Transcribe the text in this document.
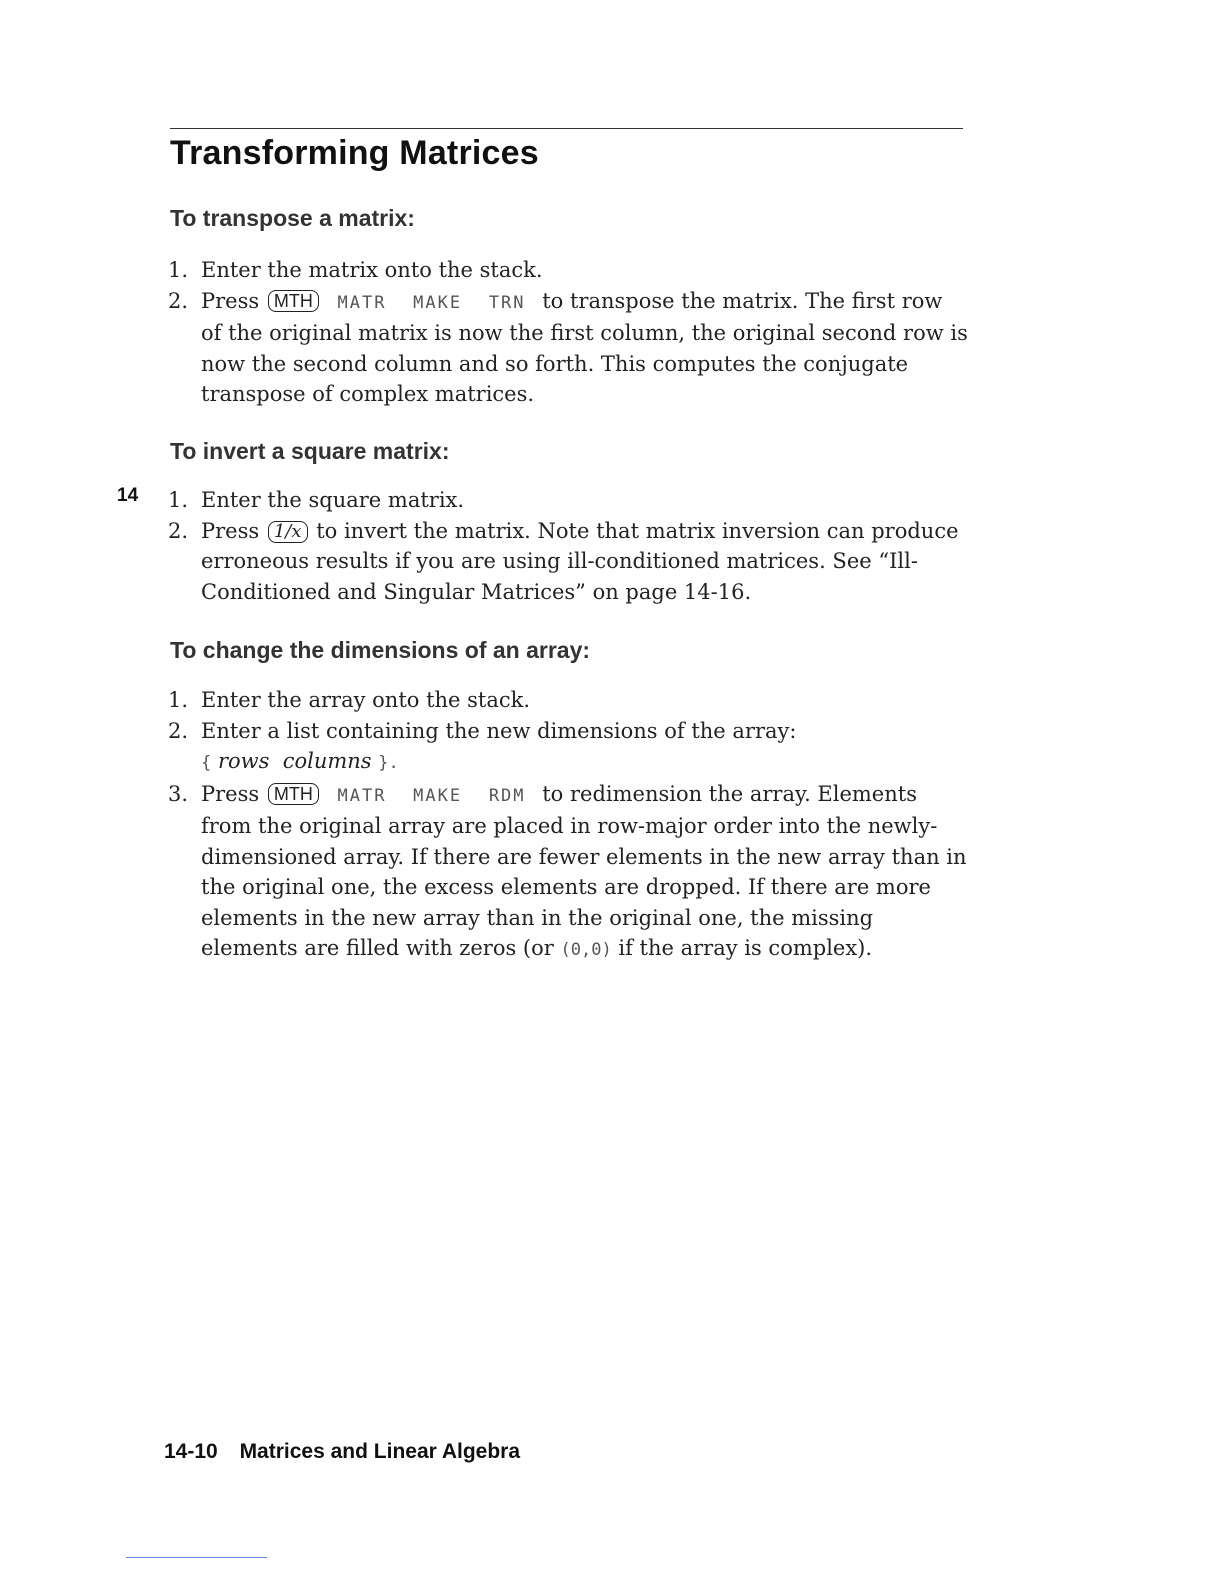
Transforming Matrices
To transpose a matrix:
1. Enter the matrix onto the stack.
2. Press MTH MATR MAKE TRN to transpose the matrix. The first row of the original matrix is now the first column, the original second row is now the second column and so forth. This computes the conjugate transpose of complex matrices.
To invert a square matrix:

14 1. Enter the square matrix.
2. Press 1/x to invert the matrix. Note that matrix inversion can produce erroneous results if you are using ill-conditioned matrices. See “Ill-Conditioned and Singular Matrices” on page 14-16.
To change the dimensions of an array:
1. Enter the array onto the stack.
2. Enter a list containing the new dimensions of the array:
{ rows  columns }.
3. Press MTH MATR MAKE RDM to redimension the array. Elements from the original array are placed in row-major order into the newly-dimensioned array. If there are fewer elements in the new array than in the original one, the excess elements are dropped. If there are more elements in the new array than in the original one, the missing elements are filled with zeros (or (0,0) if the array is complex).

14-10 Matrices and Linear Algebra
